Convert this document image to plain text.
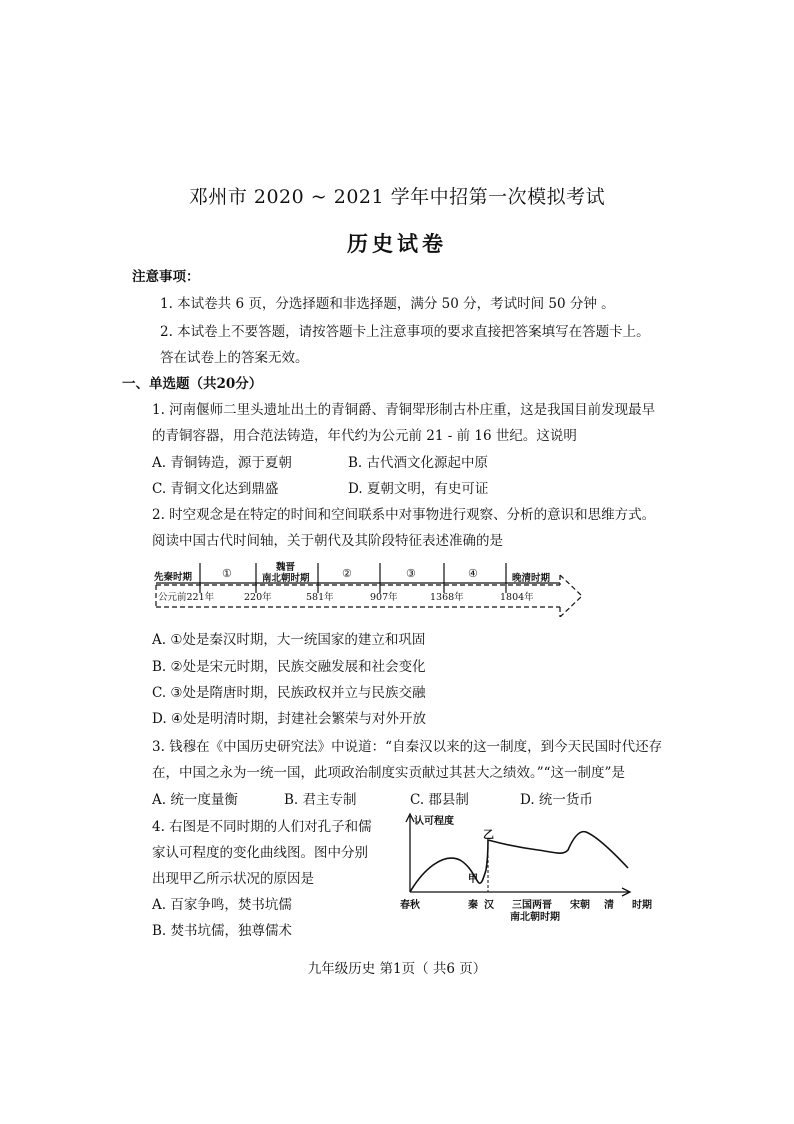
邓州市 2020 ~ 2021 学年中招第一次模拟考试
历史试卷
注意事项：
1. 本试卷共 6 页，分选择题和非选择题，满分 50 分，考试时间 50 分钟 。
2. 本试卷上不要答题，请按答题卡上注意事项的要求直接把答案填写在答题卡上。
答在试卷上的答案无效。
一、单选题（共20分）
1. 河南偃师二里头遗址出土的青铜爵、青铜斝形制古朴庄重，这是我国目前发现最早
的青铜容器，用合范法铸造，年代约为公元前 21 - 前 16 世纪。这说明
A. 青铜铸造，源于夏朝	B. 古代酒文化源起中原
C. 青铜文化达到鼎盛	D. 夏朝文明，有史可证
2. 时空观念是在特定的时间和空间联系中对事物进行观察、分析的意识和思维方式。
阅读中国古代时间轴，关于朝代及其阶段特征表述准确的是
先秦时期	①	魏晋
南北朝时期	②	③	④	晚清时期
公元前221年	220年	581年	907年	1368年	1804年
A. ①处是秦汉时期，大一统国家的建立和巩固
B. ②处是宋元时期，民族交融发展和社会变化
C. ③处是隋唐时期，民族政权并立与民族交融
D. ④处是明清时期，封建社会繁荣与对外开放
3. 钱穆在《中国历史研究法》中说道：“自秦汉以来的这一制度，到今天民国时代还存
在，中国之永为一统一国，此项政治制度实贡献过其甚大之绩效。”“这一制度”是
A. 统一度量衡	B. 君主专制	C. 郡县制	D. 统一货币
4. 右图是不同时期的人们对孔子和儒
家认可程度的变化曲线图。图中分别
出现甲乙所示状况的原因是
A. 百家争鸣，焚书坑儒
B. 焚书坑儒，独尊儒术
认可程度
甲
乙
春秋	秦 汉 三国两晋
南北朝时期
宋朝 清 时期
九年级历史 第1页（ 共6 页）
